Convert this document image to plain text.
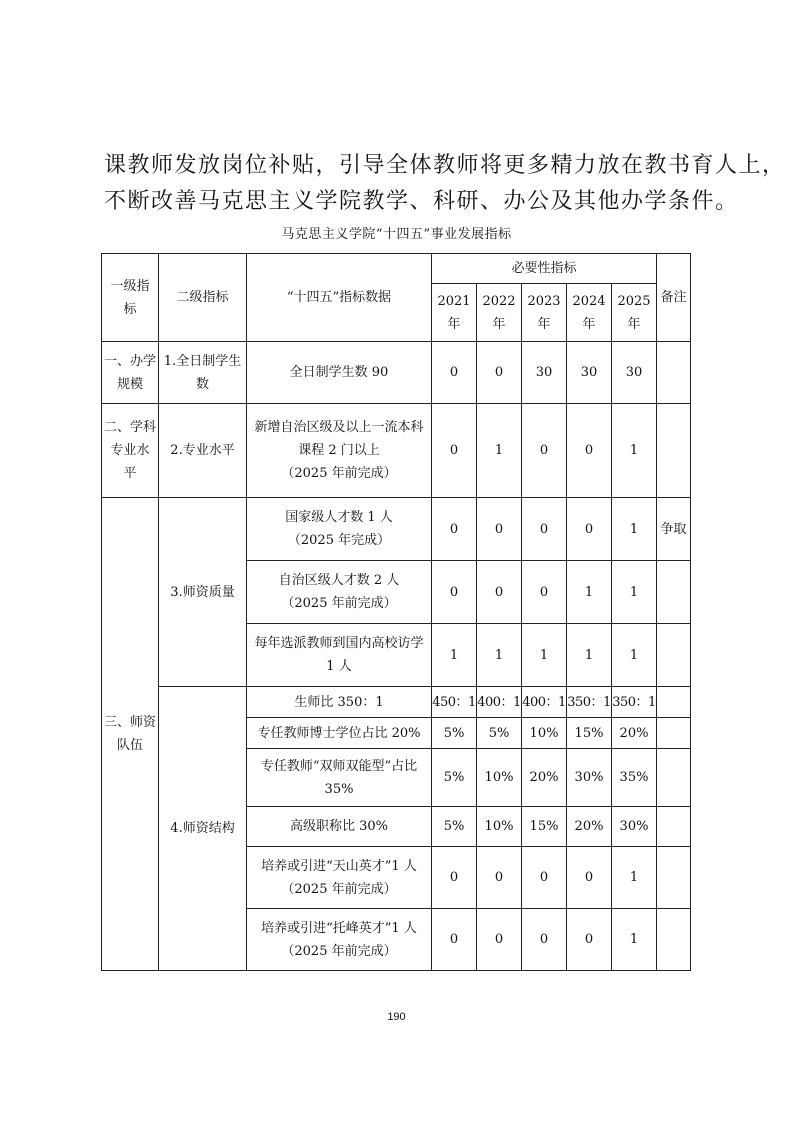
课教师发放岗位补贴，引导全体教师将更多精力放在教书育人上，
不断改善马克思主义学院教学、科研、办公及其他办学条件。
马克思主义学院“十四五”事业发展指标
一级指
标	二级指标	“十四五”指标数据	必要性指标					备注

			2021
年	2022
年	2023
年	2024
年	2025
年	

一、办学
规模	1.全日制学生
数	全日制学生数 90	0	0	30	30	30	

二、学科
专业水
平	2.专业水平	新增自治区级及以上一流本科
课程 2 门以上
（2025 年前完成）	0	1	0	0	1	

三、师资
队伍	3.师资质量	国家级人才数 1 人
（2025 年完成）	0	0	0	0	1	争取

		自治区级人才数 2 人
（2025 年前完成）	0	0	0	1	1	

		每年选派教师到国内高校访学
1 人	1	1	1	1	1	
	4.师资结构	生师比 350：1	450：1	400：1	400：1	350：1	350：1	

		专任教师博士学位占比 20%	5%	5%	10%	15%	20%	

		专任教师“双师双能型”占比
35%	5%	10%	20%	30%	35%	

		高级职称比 30%	5%	10%	15%	20%	30%	

		培养或引进“天山英才”1 人
（2025 年前完成）	0	0	0	0	1	

		培养或引进“托峰英才”1 人
（2025 年前完成）	0	0	0	0	1	
190
